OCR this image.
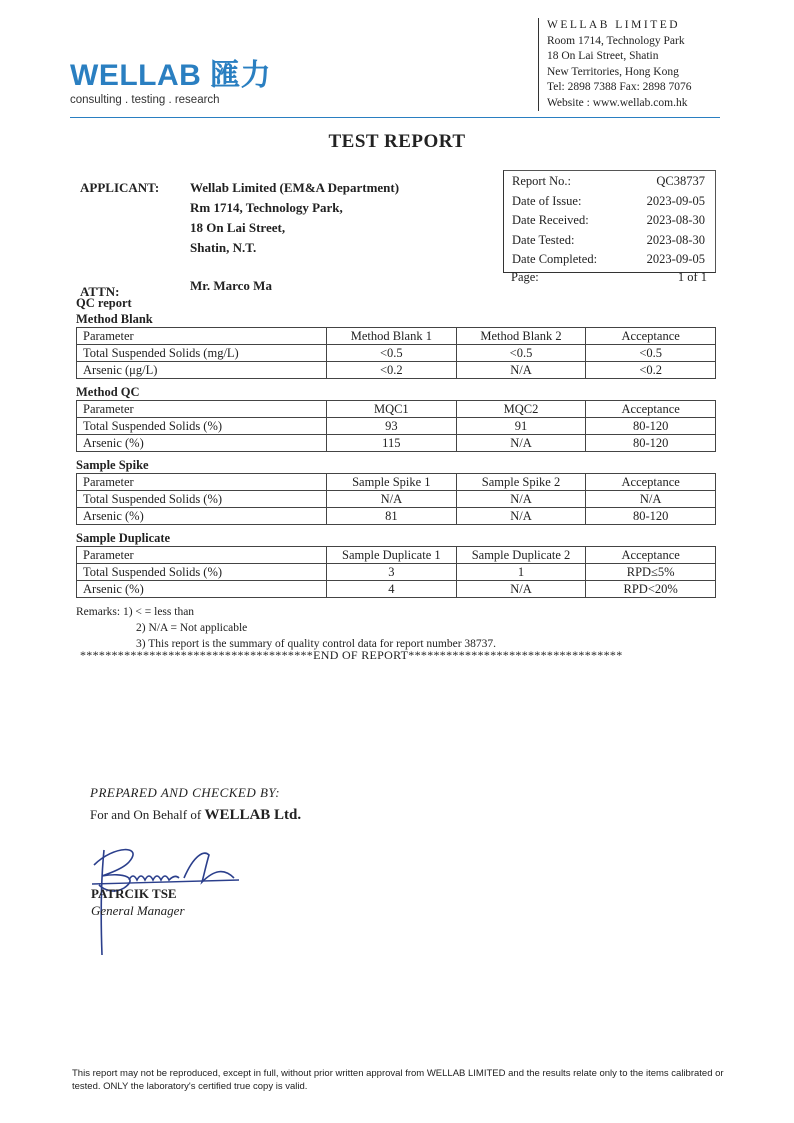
WELLAB 匯力
consulting . testing . research
WELLAB LIMITED
Room 1714, Technology Park
18 On Lai Street, Shatin
New Territories, Hong Kong
Tel: 2898 7388 Fax: 2898 7076
Website : www.wellab.com.hk
TEST REPORT
APPLICANT: Wellab Limited (EM&A Department)
Rm 1714, Technology Park,
18 On Lai Street,
Shatin, N.T.
ATTN:	Mr. Marco Ma
Report No.:	QC38737
Date of Issue:	2023-09-05
Date Received:	2023-08-30
Date Tested:	2023-08-30
Date Completed:	2023-09-05
Page:	1 of 1
QC report
Method Blank
Parameter	Method Blank 1	Method Blank 2	Acceptance
Total Suspended Solids (mg/L)	<0.5	<0.5	<0.5
Arsenic (μg/L)	<0.2	N/A	<0.2
Method QC
Parameter	MQC1	MQC2	Acceptance
Total Suspended Solids (%)	93	91	80-120
Arsenic (%)	115	N/A	80-120
Sample Spike
Parameter	Sample Spike 1	Sample Spike 2	Acceptance
Total Suspended Solids (%)	N/A	N/A	N/A
Arsenic (%)	81	N/A	80-120
Sample Duplicate
Parameter	Sample Duplicate 1	Sample Duplicate 2	Acceptance
Total Suspended Solids (%)	3	1	RPD≤5%
Arsenic (%)	4	N/A	RPD<20%
Remarks: 1) < = less than
2) N/A = Not applicable
3) This report is the summary of quality control data for report number 38737.
*************************************END OF REPORT**********************************
PREPARED AND CHECKED BY:
For and On Behalf of WELLAB Ltd.
PATRCIK TSE
General Manager
This report may not be reproduced, except in full, without prior written approval from WELLAB LIMITED and the results relate only to the items calibrated or tested. ONLY the laboratory's certified true copy is valid.
